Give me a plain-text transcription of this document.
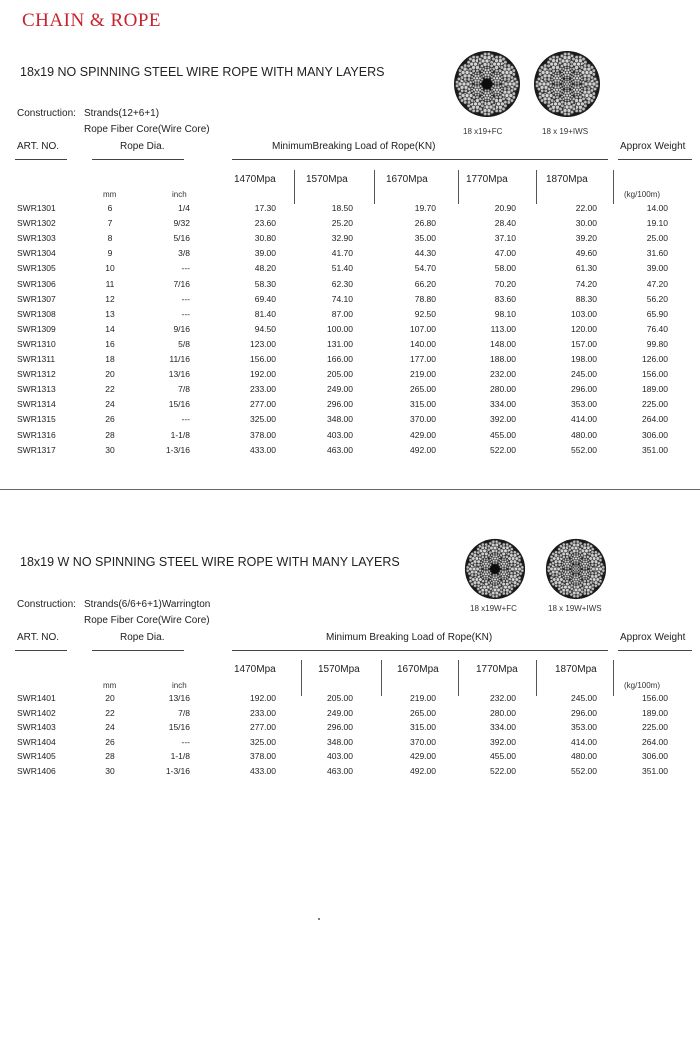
CHAIN & ROPE
18x19 NO SPINNING STEEL WIRE ROPE WITH MANY LAYERS
Construction: Strands(12+6+1)
Rope Fiber Core(Wire Core)	18 x19+FC	18 x 19+IWS
ART. NO.	Rope Dia.	MinimumBreaking Load of Rope(KN)	Approx Weight
1470Mpa	1570Mpa	1670Mpa	1770Mpa	1870Mpa
mm	inch	(kg/100m)
SWR1301	6	1/4	17.30	18.50	19.70	20.90	22.00	14.00
SWR1302	7	9/32	23.60	25.20	26.80	28.40	30.00	19.10
SWR1303	8	5/16	30.80	32.90	35.00	37.10	39.20	25.00
SWR1304	9	3/8	39.00	41.70	44.30	47.00	49.60	31.60
SWR1305	10	---	48.20	51.40	54.70	58.00	61.30	39.00
SWR1306	11	7/16	58.30	62.30	66.20	70.20	74.20	47.20
SWR1307	12	---	69.40	74.10	78.80	83.60	88.30	56.20
SWR1308	13	---	81.40	87.00	92.50	98.10	103.00	65.90
SWR1309	14	9/16	94.50	100.00	107.00	113.00	120.00	76.40
SWR1310	16	5/8	123.00	131.00	140.00	148.00	157.00	99.80
SWR1311	18	11/16	156.00	166.00	177.00	188.00	198.00	126.00
SWR1312	20	13/16	192.00	205.00	219.00	232.00	245.00	156.00
SWR1313	22	7/8	233.00	249.00	265.00	280.00	296.00	189.00
SWR1314	24	15/16	277.00	296.00	315.00	334.00	353.00	225.00
SWR1315	26	---	325.00	348.00	370.00	392.00	414.00	264.00
SWR1316	28	1-1/8	378.00	403.00	429.00	455.00	480.00	306.00
SWR1317	30	1-3/16	433.00	463.00	492.00	522.00	552.00	351.00
18x19 W NO SPINNING STEEL WIRE ROPE WITH MANY LAYERS
Construction: Strands(6/6+6+1)Warrington
Rope Fiber Core(Wire Core)
18 x19W+FC	18 x 19W+IWS
ART. NO.	Rope Dia.	Minimum Breaking Load of Rope(KN)	Approx Weight
1470Mpa	1570Mpa	1670Mpa	1770Mpa	1870Mpa
mm	inch	(kg/100m)
SWR1401	20	13/16	192.00	205.00	219.00	232.00	245.00	156.00
SWR1402	22	7/8	233.00	249.00	265.00	280.00	296.00	189.00
SWR1403	24	15/16	277.00	296.00	315.00	334.00	353.00	225.00
SWR1404	26	---	325.00	348.00	370.00	392.00	414.00	264.00
SWR1405	28	1-1/8	378.00	403.00	429.00	455.00	480.00	306.00
SWR1406	30	1-3/16	433.00	463.00	492.00	522.00	552.00	351.00
